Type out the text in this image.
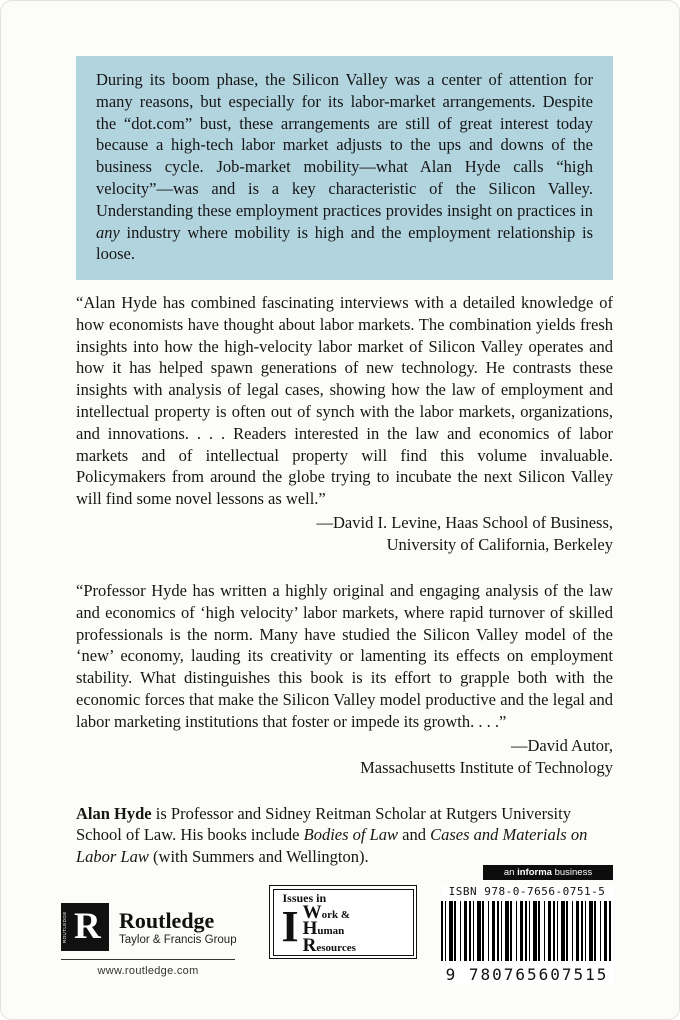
During its boom phase, the Silicon Valley was a center of attention for many reasons, but especially for its labor-market arrangements. Despite the “dot.com” bust, these arrangements are still of great interest today because a high-tech labor market adjusts to the ups and downs of the business cycle. Job-market mobility—what Alan Hyde calls “high velocity”—was and is a key characteristic of the Silicon Valley. Understanding these employment practices provides insight on practices in any industry where mobility is high and the employment relationship is loose.

“Alan Hyde has combined fascinating interviews with a detailed knowledge of how economists have thought about labor markets. The combination yields fresh insights into how the high-velocity labor market of Silicon Valley operates and how it has helped spawn generations of new technology. He contrasts these insights with analysis of legal cases, showing how the law of employment and intellectual property is often out of synch with the labor markets, organizations, and innovations. . . . Readers interested in the law and economics of labor markets and of intellectual property will find this volume invaluable. Policymakers from around the globe trying to incubate the next Silicon Valley will find some novel lessons as well.”

—David I. Levine, Haas School of Business,
University of California, Berkeley

“Professor Hyde has written a highly original and engaging analysis of the law and economics of ‘high velocity’ labor markets, where rapid turnover of skilled professionals is the norm. Many have studied the Silicon Valley model of the ‘new’ economy, lauding its creativity or lamenting its effects on employment stability. What distinguishes this book is its effort to grapple both with the economic forces that make the Silicon Valley model productive and the legal and labor marketing institutions that foster or impede its growth. . . .”

—David Autor,
Massachusetts Institute of Technology

Alan Hyde is Professor and Sidney Reitman Scholar at Rutgers University School of Law. His books include Bodies of Law and Cases and Materials on Labor Law (with Summers and Wellington).

an informa business
ROUTLEDGE R Routledge
Taylor & Francis Group
www.routledge.com
Issues in
I W ork &
H uman
R esources
ISBN 978-0-7656-0751-5
9 780765607515
